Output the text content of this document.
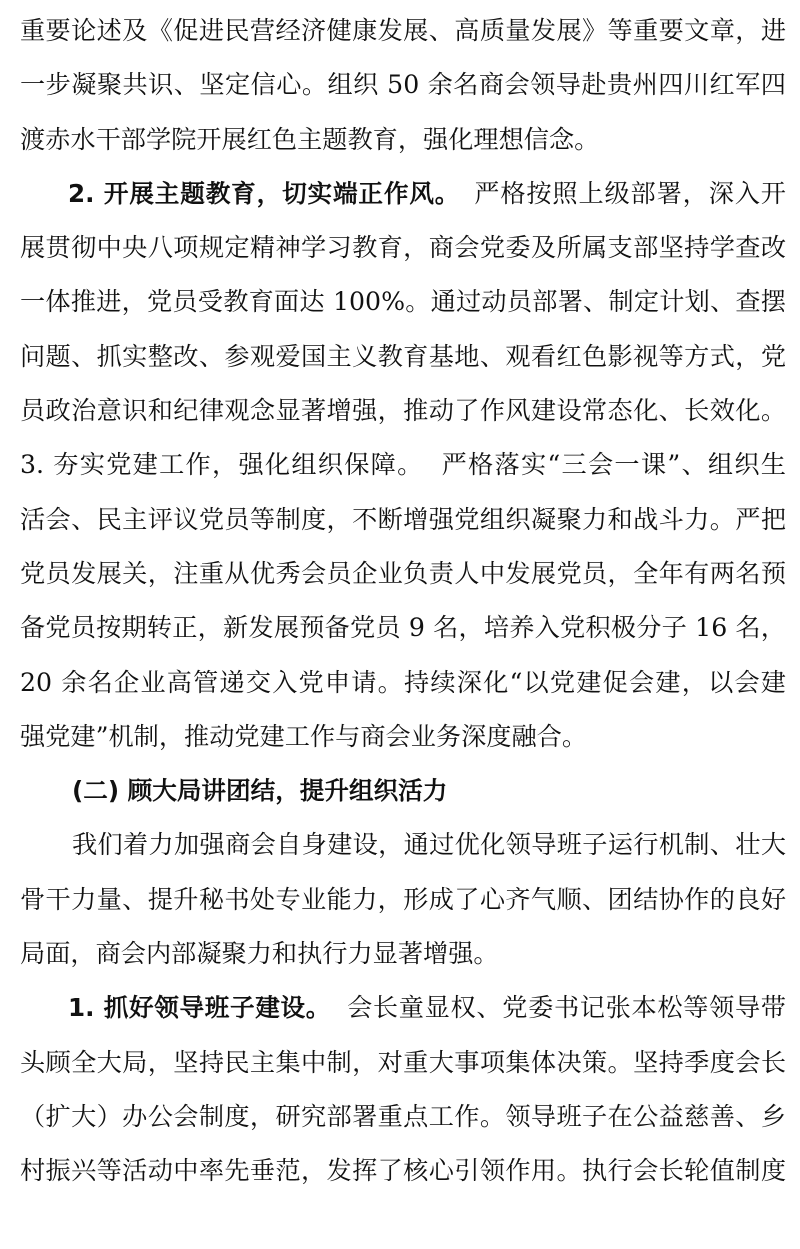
重要论述及《促进民营经济健康发展、高质量发展》等重要文章，进
一步凝聚共识、坚定信心。组织 50 余名商会领导赴贵州四川红军四
渡赤水干部学院开展红色主题教育，强化理想信念。
2. 开展主题教育，切实端正作风。 严格按照上级部署，深入开
展贯彻中央八项规定精神学习教育，商会党委及所属支部坚持学查改
一体推进，党员受教育面达 100%。通过动员部署、制定计划、查摆
问题、抓实整改、参观爱国主义教育基地、观看红色影视等方式，党
员政治意识和纪律观念显著增强，推动了作风建设常态化、长效化。
3. 夯实党建工作，强化组织保障。 严格落实“三会一课”、组织生
活会、民主评议党员等制度，不断增强党组织凝聚力和战斗力。严把
党员发展关，注重从优秀会员企业负责人中发展党员，全年有两名预
备党员按期转正，新发展预备党员 9 名，培养入党积极分子 16 名，
20 余名企业高管递交入党申请。持续深化“以党建促会建，以会建
强党建”机制，推动党建工作与商会业务深度融合。
(二) 顾大局讲团结，提升组织活力
我们着力加强商会自身建设，通过优化领导班子运行机制、壮大
骨干力量、提升秘书处专业能力，形成了心齐气顺、团结协作的良好
局面，商会内部凝聚力和执行力显著增强。
1. 抓好领导班子建设。 会长童显权、党委书记张本松等领导带
头顾全大局，坚持民主集中制，对重大事项集体决策。坚持季度会长
（扩大）办公会制度，研究部署重点工作。领导班子在公益慈善、乡
村振兴等活动中率先垂范，发挥了核心引领作用。执行会长轮值制度
